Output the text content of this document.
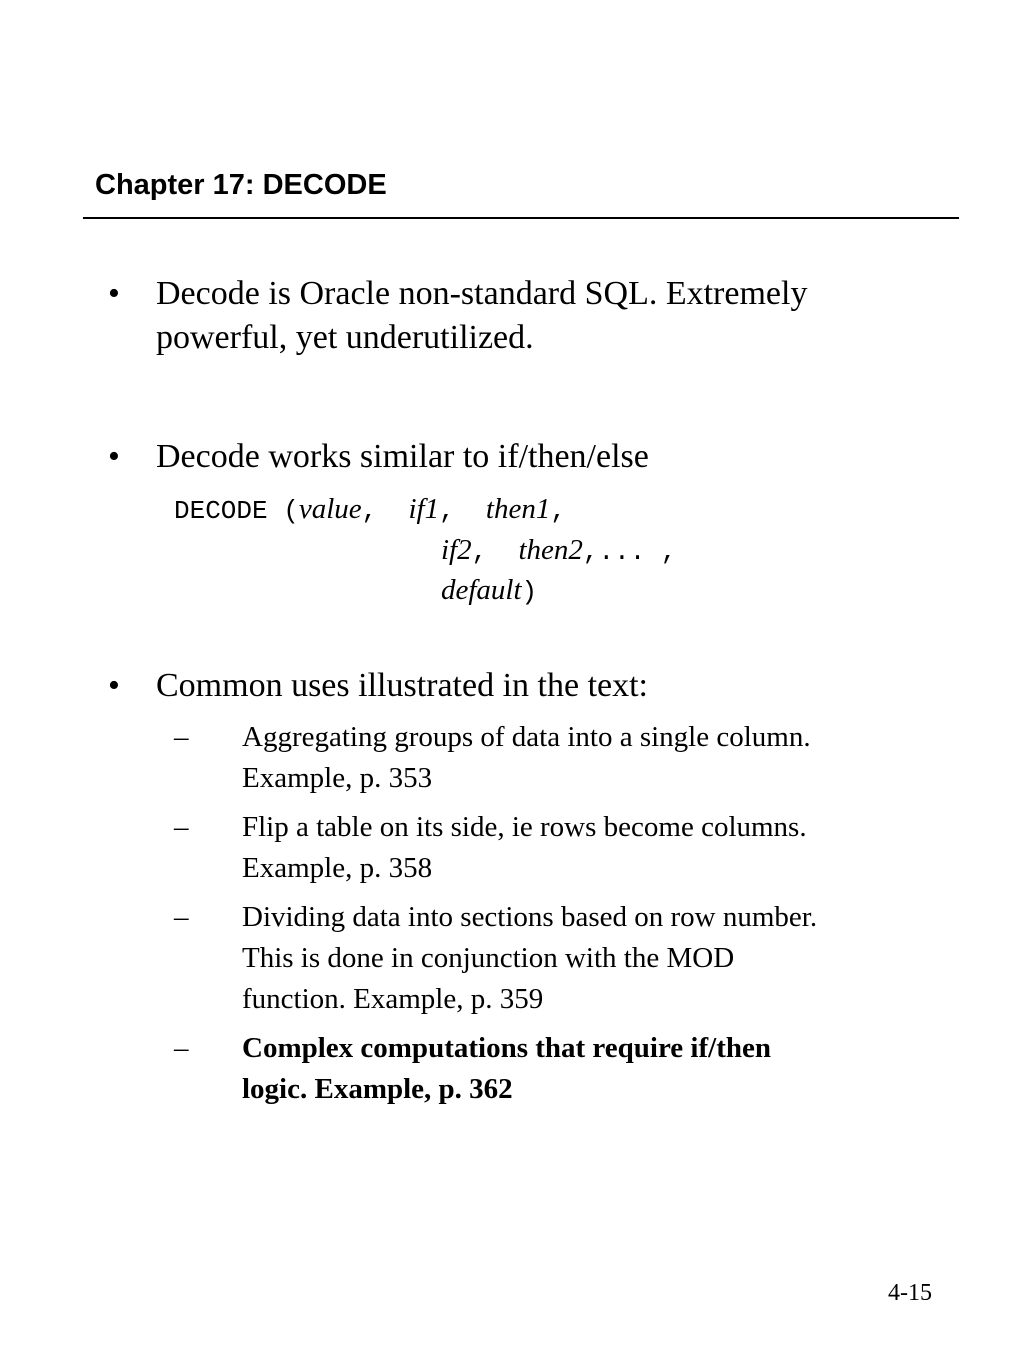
Chapter 17: DECODE
• Decode is Oracle non-standard SQL. Extremely
powerful, yet underutilized.
• Decode works similar to if/then/else
DECODE (value,  if1,  then1,
if2,  then2,... ,
default)
• Common uses illustrated in the text:
– Aggregating groups of data into a single column.
Example, p. 353
– Flip a table on its side, ie rows become columns.
Example, p. 358
– Dividing data into sections based on row number.
This is done in conjunction with the MOD
function. Example, p. 359
– Complex computations that require if/then
logic. Example, p. 362
4-15
